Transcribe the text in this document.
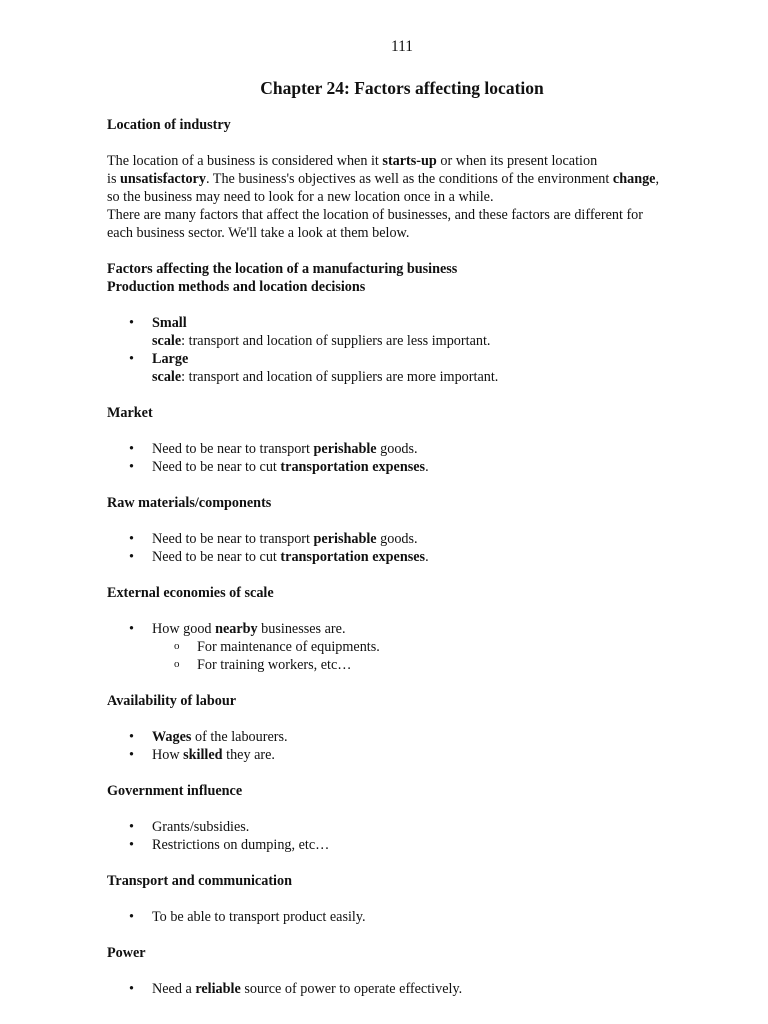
111
Chapter 24: Factors affecting location
Location of industry

The location of a business is considered when it starts-up or when its present location

is unsatisfactory. The business's objectives as well as the conditions of the environment change,

so the business may need to look for a new location once in a while.

There are many factors that affect the location of businesses, and these factors are different for

each business sector. We'll take a look at them below.

Factors affecting the location of a manufacturing business
Production methods and location decisions
• Small
scale: transport and location of suppliers are less important.
• Large
scale: transport and location of suppliers are more important.
Market
• Need to be near to transport perishable goods.
• Need to be near to cut transportation expenses.
Raw materials/components
• Need to be near to transport perishable goods.
• Need to be near to cut transportation expenses.
External economies of scale
• How good nearby businesses are.
o For maintenance of equipments.
o For training workers, etc…
Availability of labour
• Wages of the labourers.
• How skilled they are.
Government influence
• Grants/subsidies.
• Restrictions on dumping, etc…
Transport and communication
• To be able to transport product easily.
Power
• Need a reliable source of power to operate effectively.
